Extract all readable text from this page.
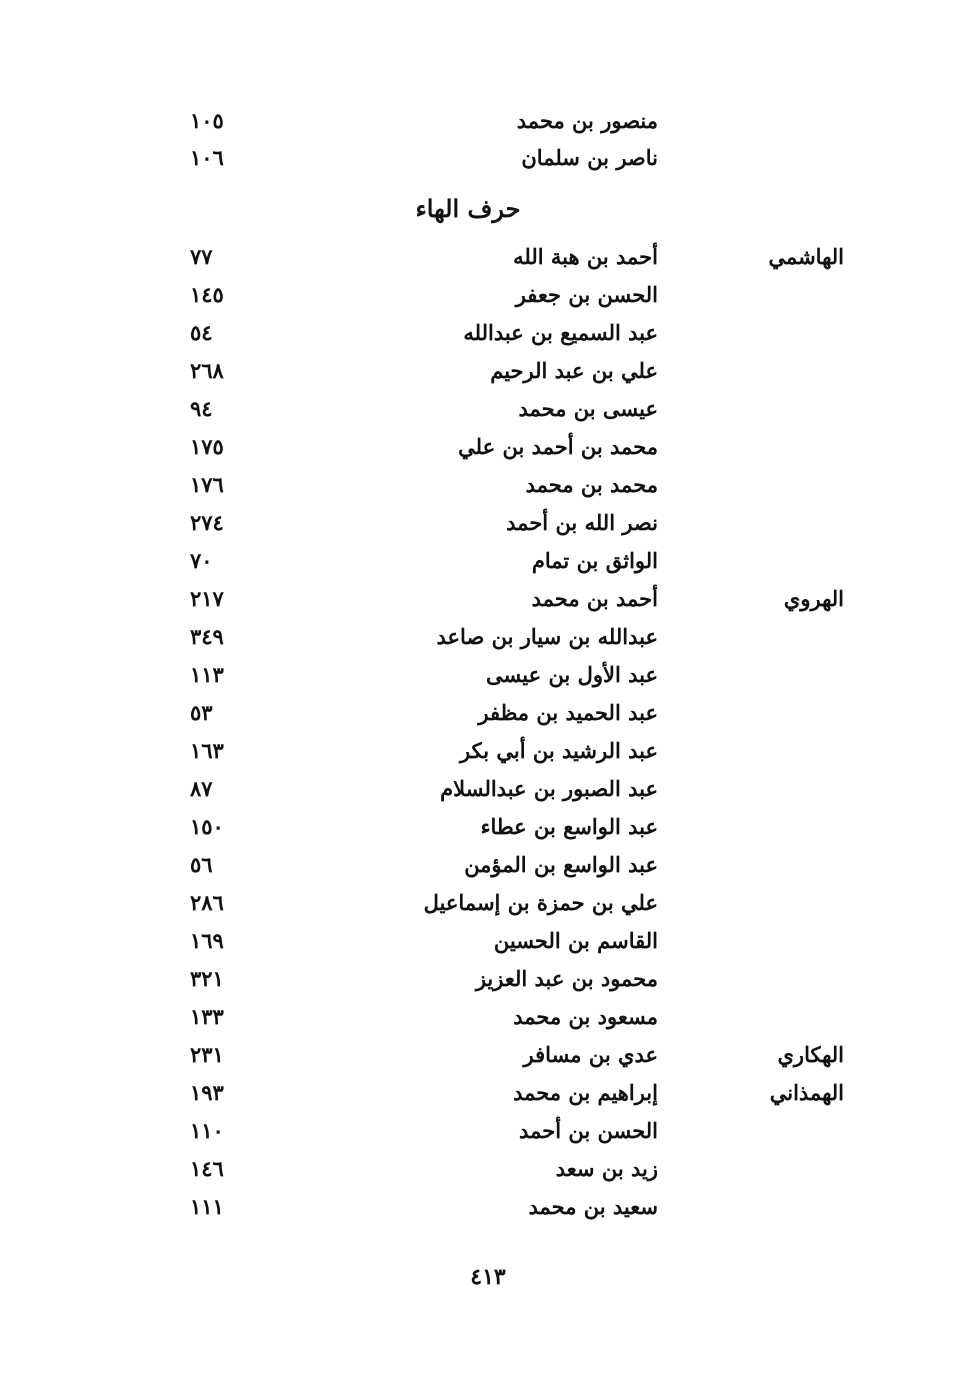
منصور بن محمد
١٠٥
ناصر بن سلمان
١٠٦
حرف الهاء
الهاشمي
أحمد بن هبة الله
٧٧
الحسن بن جعفر
١٤٥
عبد السميع بن عبدالله
٥٤
علي بن عبد الرحيم
٢٦٨
عيسى بن محمد
٩٤
محمد بن أحمد بن علي
١٧٥
محمد بن محمد
١٧٦
نصر الله بن أحمد
٢٧٤
الواثق بن تمام
٧٠
الهروي
أحمد بن محمد
٢١٧
عبدالله بن سيار بن صاعد
٣٤٩
عبد الأول بن عيسى
١١٣
عبد الحميد بن مظفر
٥٣
عبد الرشيد بن أبي بكر
١٦٣
عبد الصبور بن عبدالسلام
٨٧
عبد الواسع بن عطاء
١٥٠
عبد الواسع بن المؤمن
٥٦
علي بن حمزة بن إسماعيل
٢٨٦
القاسم بن الحسين
١٦٩
محمود بن عبد العزيز
٣٢١
مسعود بن محمد
١٣٣
الهكاري
عدي بن مسافر
٢٣١
الهمذاني
إبراهيم بن محمد
١٩٣
الحسن بن أحمد
١١٠
زيد بن سعد
١٤٦
سعيد بن محمد
١١١
٤١٣
